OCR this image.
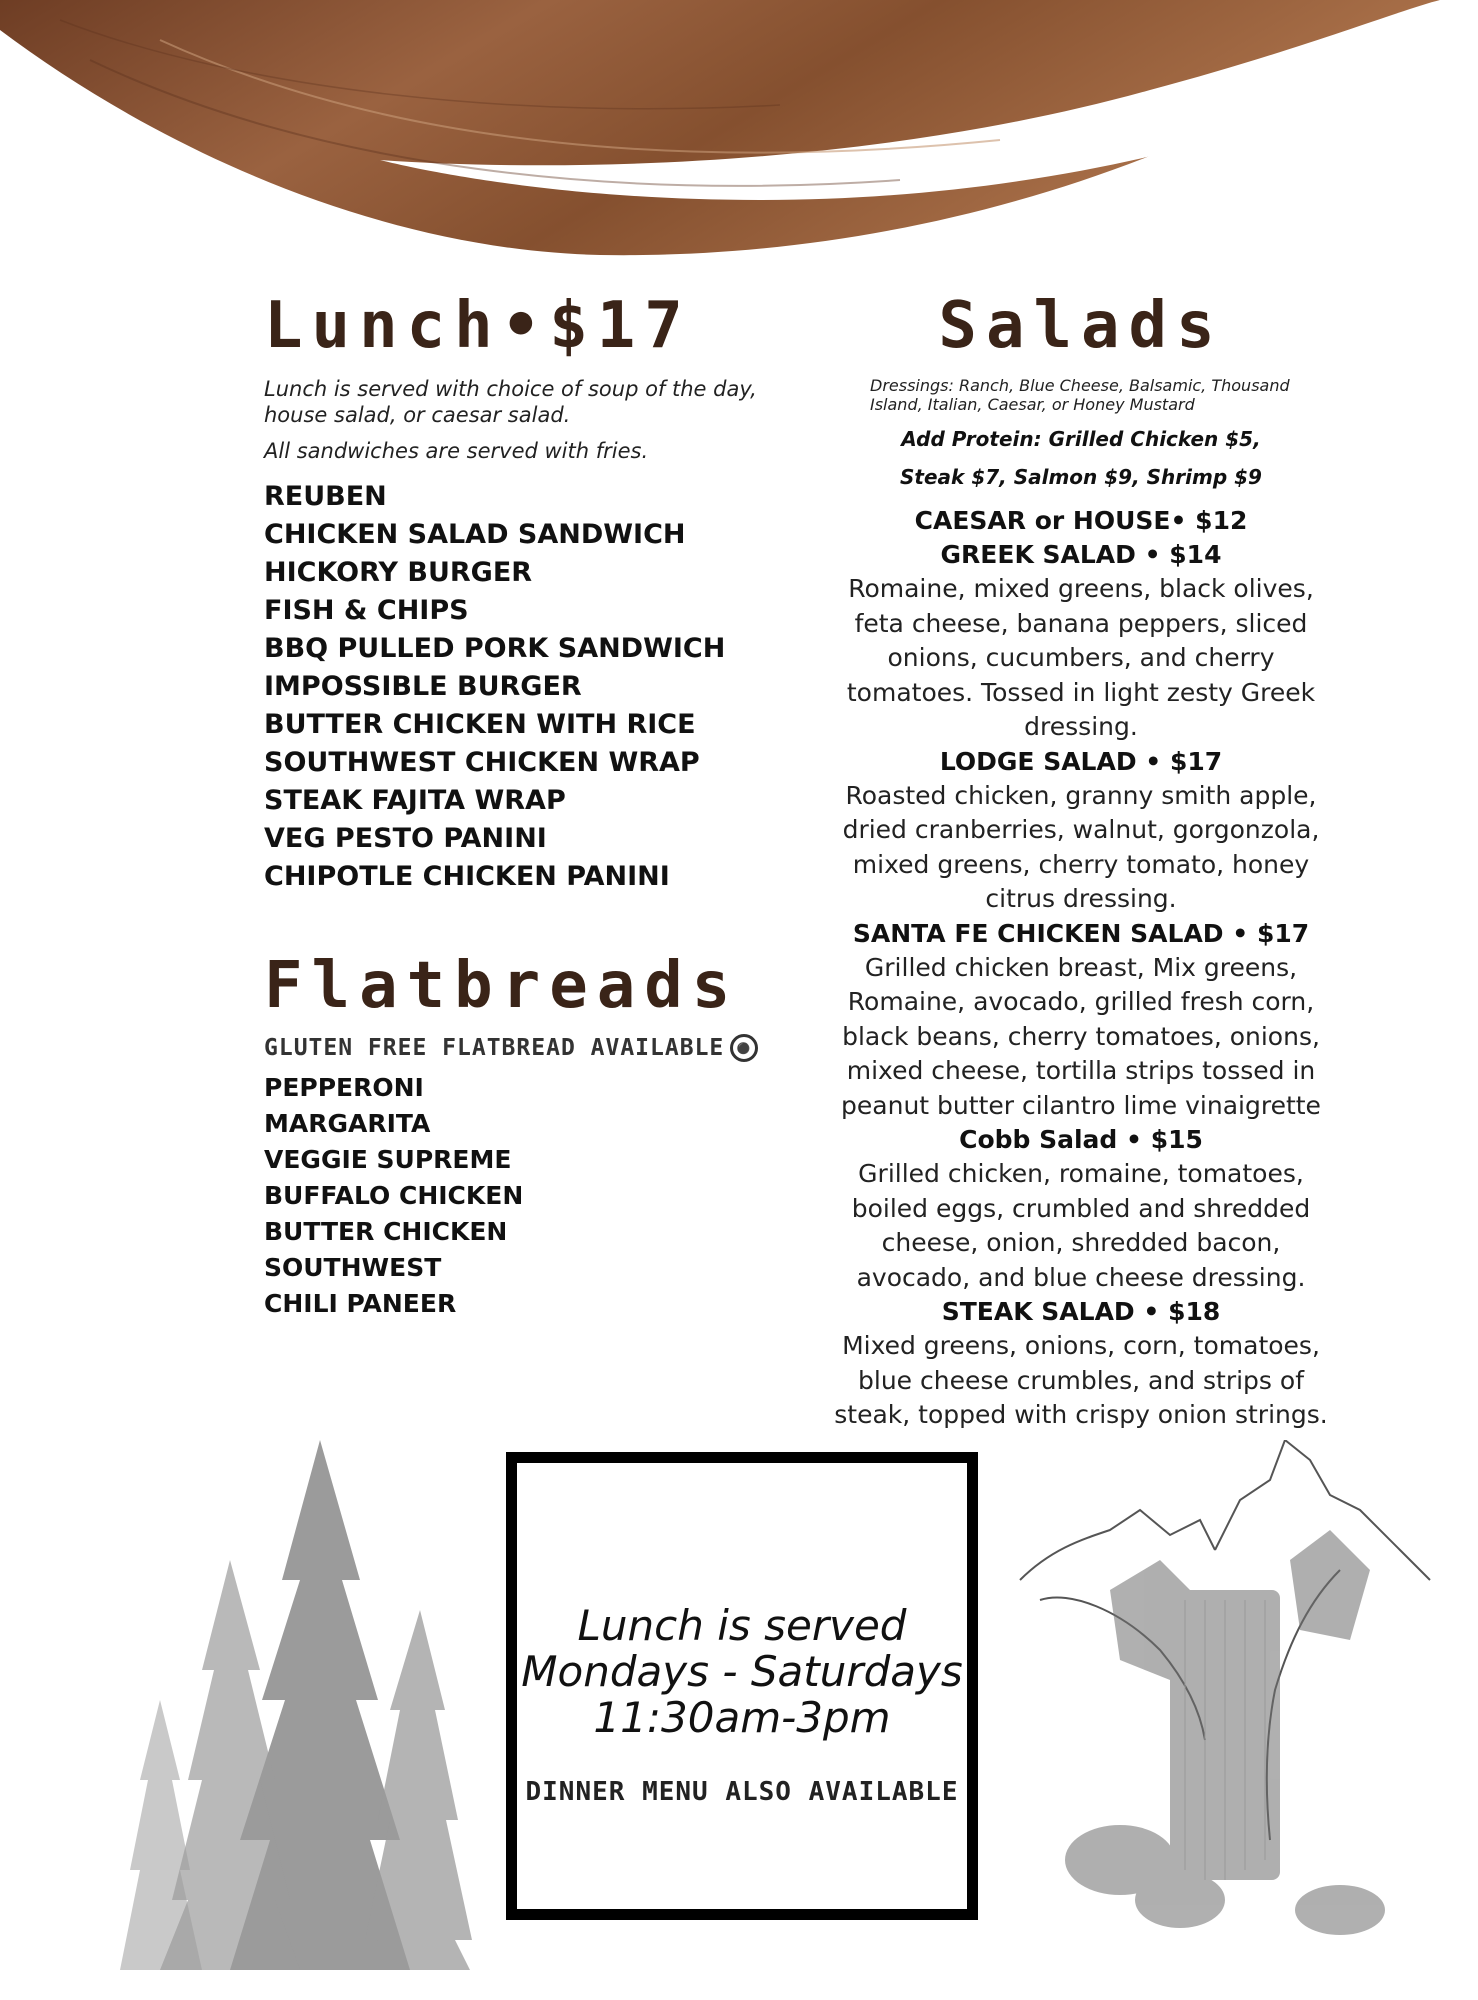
Lunch•$17
Lunch is served with choice of soup of the day, house salad, or caesar salad.
All sandwiches are served with fries.
REUBEN
CHICKEN SALAD SANDWICH
HICKORY BURGER
FISH & CHIPS
BBQ PULLED PORK SANDWICH
IMPOSSIBLE BURGER
BUTTER CHICKEN WITH RICE
SOUTHWEST CHICKEN WRAP
STEAK FAJITA WRAP
VEG PESTO PANINI
CHIPOTLE CHICKEN PANINI
Flatbreads
GLUTEN FREE FLATBREAD AVAILABLE	⚫
PEPPERONI
MARGARITA
VEGGIE SUPREME
BUFFALO CHICKEN
BUTTER CHICKEN
SOUTHWEST
CHILI PANEER
Salads
Dressings: Ranch, Blue Cheese, Balsamic, Thousand Island, Italian, Caesar, or Honey Mustard
Add Protein: Grilled Chicken $5,
Steak $7, Salmon $9, Shrimp $9
CAESAR or HOUSE• $12
GREEK SALAD • $14
Romaine, mixed greens, black olives, feta cheese, banana peppers, sliced onions, cucumbers, and cherry tomatoes. Tossed in light zesty Greek dressing.
LODGE SALAD • $17
Roasted chicken, granny smith apple, dried cranberries, walnut, gorgonzola, mixed greens, cherry tomato, honey citrus dressing.
SANTA FE CHICKEN SALAD • $17
Grilled chicken breast, Mix greens, Romaine, avocado, grilled fresh corn, black beans, cherry tomatoes, onions, mixed cheese, tortilla strips tossed in peanut butter cilantro lime vinaigrette
Cobb Salad • $15
Grilled chicken, romaine, tomatoes, boiled eggs, crumbled and shredded cheese, onion, shredded bacon, avocado, and blue cheese dressing.
STEAK SALAD • $18
Mixed greens, onions, corn, tomatoes, blue cheese crumbles, and strips of steak, topped with crispy onion strings.
Lunch is served
Mondays - Saturdays
11:30am-3pm
DINNER MENU ALSO AVAILABLE
